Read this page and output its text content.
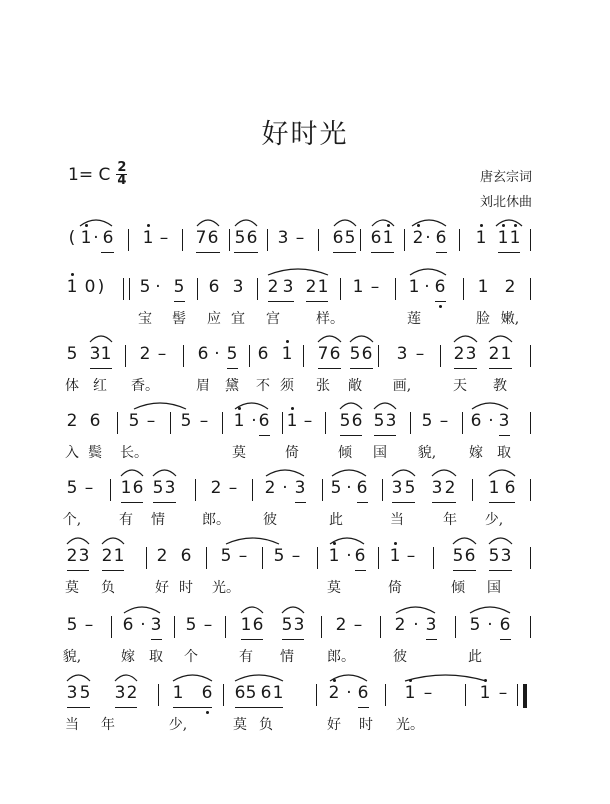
好时光
1= C $\frac{2}{4}$	唐玄宗词
刘北休曲
( 1 · 6 1 – 7 6 5 6 3 – 6 5 6 1 2 · 6 1 1 1
1 0 ) 5 · 5 6 3 2 3 2 1 1 – 1 · 6 1 2
宝 髻 应 宜 宫	样。	莲	脸 嫩,
5 3 1 2 – 6 · 5 6 1 7 6 5 6 3 – 2 3 2 1
体 红 香。	眉 黛 不 须 张 敞 画,	天 教
2 6 5 – 5 – 1 · 6 1 – 5 6 5 3 5 – 6 · 3
入 鬓 长。	莫	倚	倾 国 貌, 嫁 取
5 – 1 6 5 3 2 – 2 · 3 5 · 6 3 5 3 2 1 6
个,	有 情	郎。 彼	此	当	年 少,
2 3 2 1 2 6 5 – 5 – 1 · 6 1 – 5 6 5 3
莫 负	好 时 光。	莫	倚	倾 国
5 – 6 · 3 5 – 1 6 5 3 2 – 2 · 3 5 · 6
貌,	嫁 取 个	有 情 郎。	彼	此
3 5 3 2 1 6 6 5 6 1	2 · 6 1 –	1 –
当 年	少,	莫 负	好 时 光。
